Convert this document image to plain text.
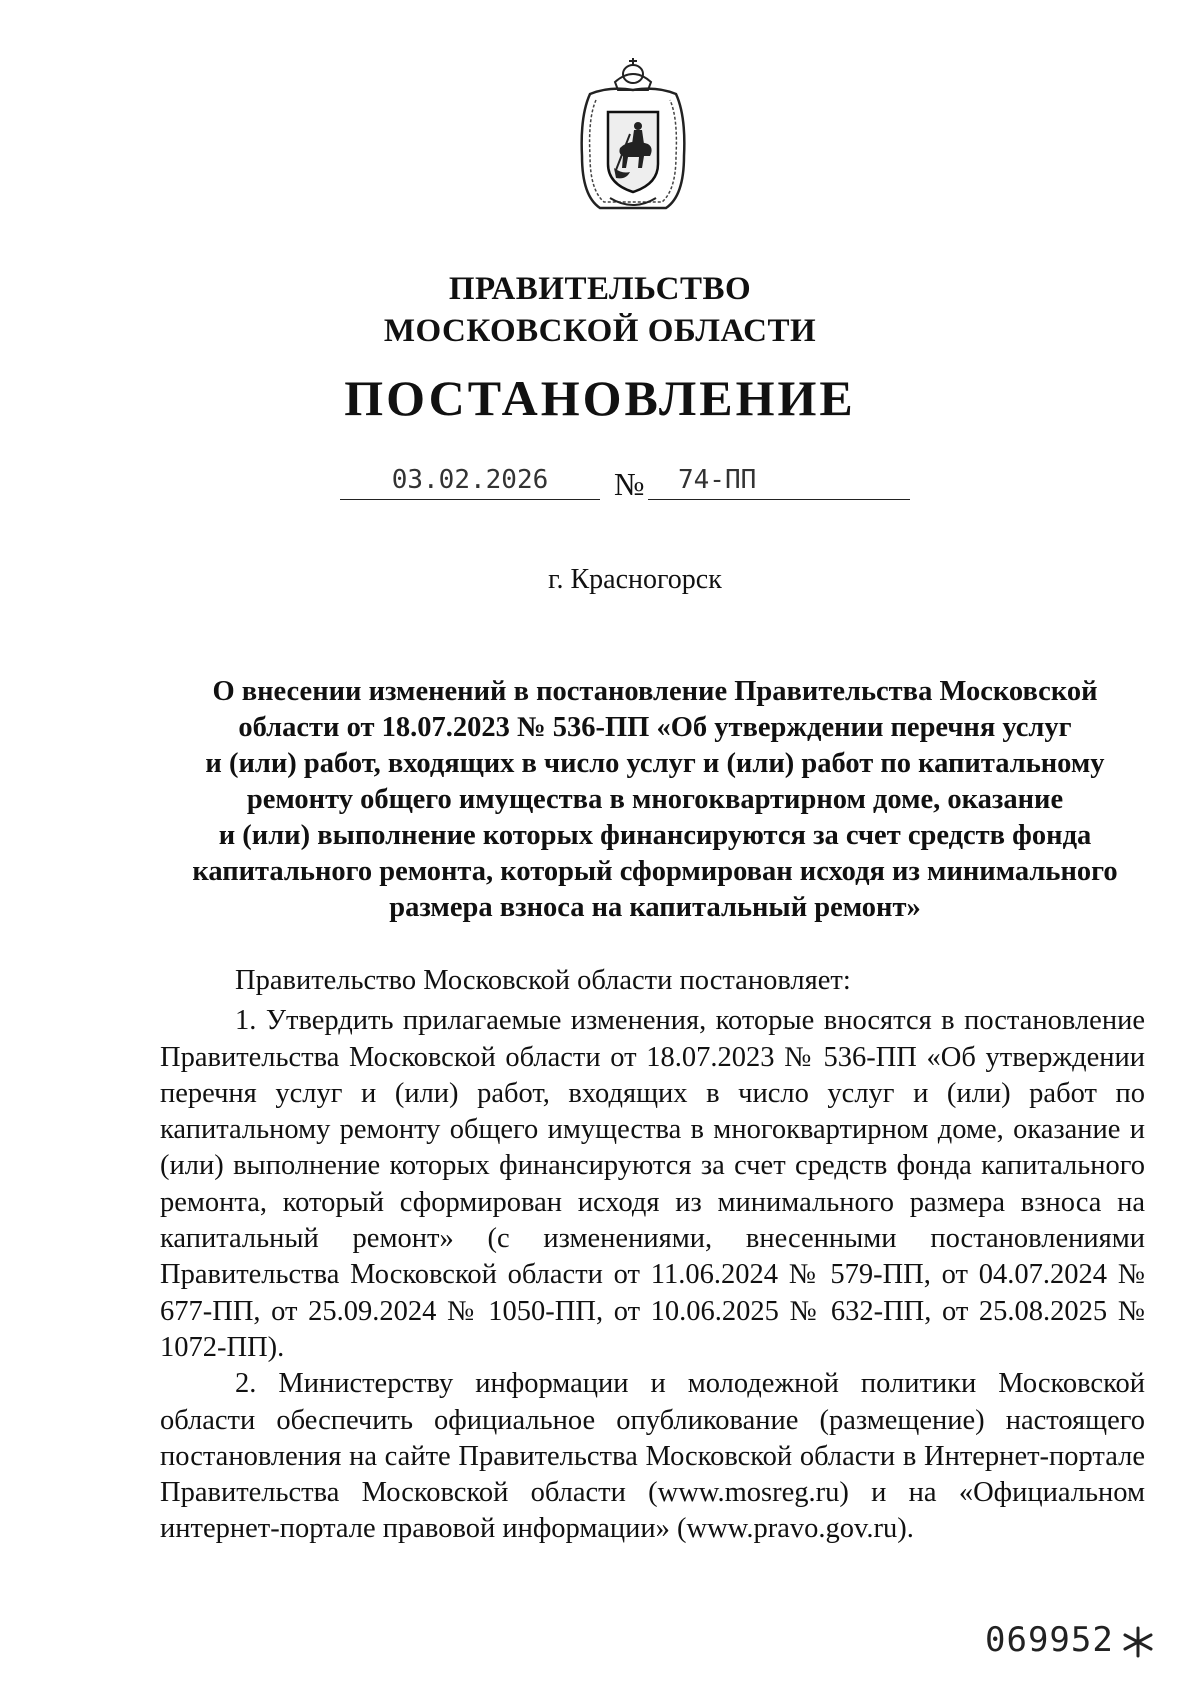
ПРАВИТЕЛЬСТВО
МОСКОВСКОЙ ОБЛАСТИ
ПОСТАНОВЛЕНИЕ
03.02.2026	№	74-ПП
г. Красногорск
О внесении изменений в постановление Правительства Московской
области от 18.07.2023 № 536-ПП «Об утверждении перечня услуг
и (или) работ, входящих в число услуг и (или) работ по капитальному
ремонту общего имущества в многоквартирном доме, оказание
и (или) выполнение которых финансируются за счет средств фонда
капитального ремонта, который сформирован исходя из минимального
размера взноса на капитальный ремонт»

Правительство Московской области постановляет:

1. Утвердить прилагаемые изменения, которые вносятся в постановление Правительства Московской области от 18.07.2023 № 536-ПП «Об утверждении перечня услуг и (или) работ, входящих в число услуг и (или) работ по капитальному ремонту общего имущества в многоквартирном доме, оказание и (или) выполнение которых финансируются за счет средств фонда капитального ремонта, который сформирован исходя из минимального размера взноса на капитальный ремонт» (с изменениями, внесенными постановлениями Правительства Московской области от 11.06.2024 № 579-ПП, от 04.07.2024 № 677-ПП, от 25.09.2024 № 1050-ПП, от 10.06.2025 № 632-ПП, от 25.08.2025 № 1072-ПП).

2. Министерству информации и молодежной политики Московской области обеспечить официальное опубликование (размещение) настоящего постановления на сайте Правительства Московской области в Интернет-портале Правительства Московской области (www.mosreg.ru) и на «Официальном интернет-портале правовой информации» (www.pravo.gov.ru).

069952
